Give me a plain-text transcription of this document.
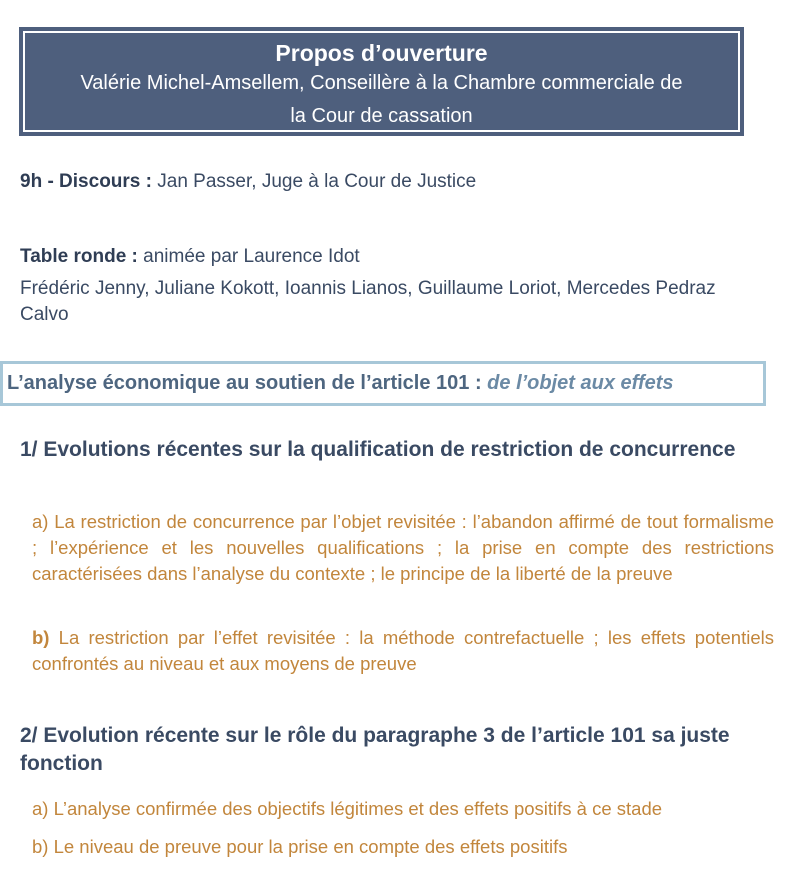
Propos d’ouverture
Valérie Michel-Amsellem, Conseillère à la Chambre commerciale de
la Cour de cassation
9h - Discours : Jan Passer, Juge à la Cour de Justice
Table ronde : animée par Laurence Idot
Frédéric Jenny, Juliane Kokott, Ioannis Lianos, Guillaume Loriot, Mercedes Pedraz Calvo
L’analyse économique au soutien de l’article 101 : de l’objet aux effets
1/ Evolutions récentes sur la qualification de restriction de concurrence
a) La restriction de concurrence par l’objet revisitée : l’abandon affirmé de tout formalisme ; l’expérience et les nouvelles qualifications ; la prise en compte des restrictions caractérisées dans l’analyse du contexte ; le principe de la liberté de la preuve
b) La restriction par l’effet revisitée : la méthode contrefactuelle ; les effets potentiels confrontés au niveau et aux moyens de preuve
2/ Evolution récente sur le rôle du paragraphe 3 de l’article 101 sa juste fonction
a) L’analyse confirmée des objectifs légitimes et des effets positifs à ce stade
b) Le niveau de preuve pour la prise en compte des effets positifs
